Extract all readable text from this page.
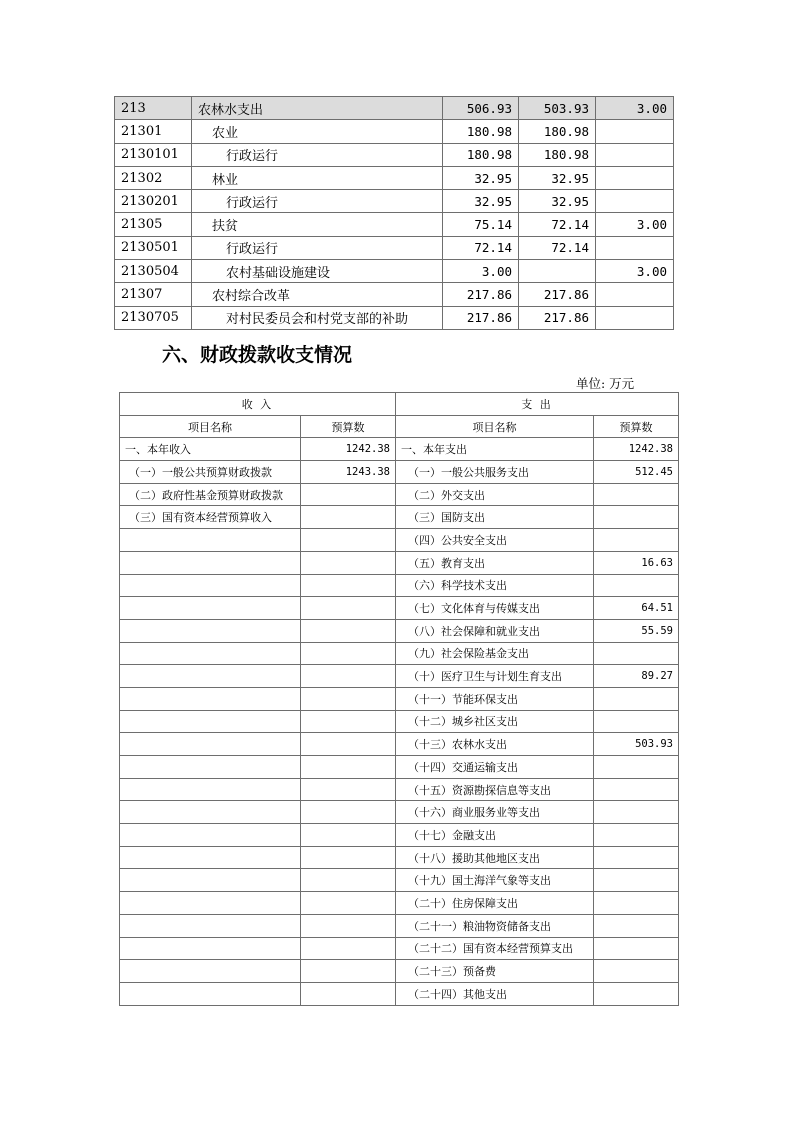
213	农林水支出	506.93	503.93	3.00
21301	农业	180.98	180.98	
2130101	行政运行	180.98	180.98	
21302	林业	32.95	32.95	
2130201	行政运行	32.95	32.95	
21305	扶贫	75.14	72.14	3.00
2130501	行政运行	72.14	72.14	
2130504	农村基础设施建设	3.00		3.00
21307	农村综合改革	217.86	217.86	
2130705	对村民委员会和村党支部的补助	217.86	217.86	
六、财政拨款收支情况
单位: 万元
收 入		支 出	
项目名称	预算数	项目名称	预算数
一、本年收入	1242.38	一、本年支出	1242.38
（一）一般公共预算财政拨款	1243.38	（一）一般公共服务支出	512.45
（二）政府性基金预算财政拨款		（二）外交支出	
（三）国有资本经营预算收入		（三）国防支出	
		（四）公共安全支出	
		（五）教育支出	16.63
		（六）科学技术支出	
		（七）文化体育与传媒支出	64.51
		（八）社会保障和就业支出	55.59
		（九）社会保险基金支出	
		（十）医疗卫生与计划生育支出	89.27
		（十一）节能环保支出	
		（十二）城乡社区支出	
		（十三）农林水支出	503.93
		（十四）交通运输支出	
		（十五）资源勘探信息等支出	
		（十六）商业服务业等支出	
		（十七）金融支出	
		（十八）援助其他地区支出	
		（十九）国土海洋气象等支出	
		（二十）住房保障支出	
		（二十一）粮油物资储备支出	
		（二十二）国有资本经营预算支出	
		（二十三）预备费	
		（二十四）其他支出	
